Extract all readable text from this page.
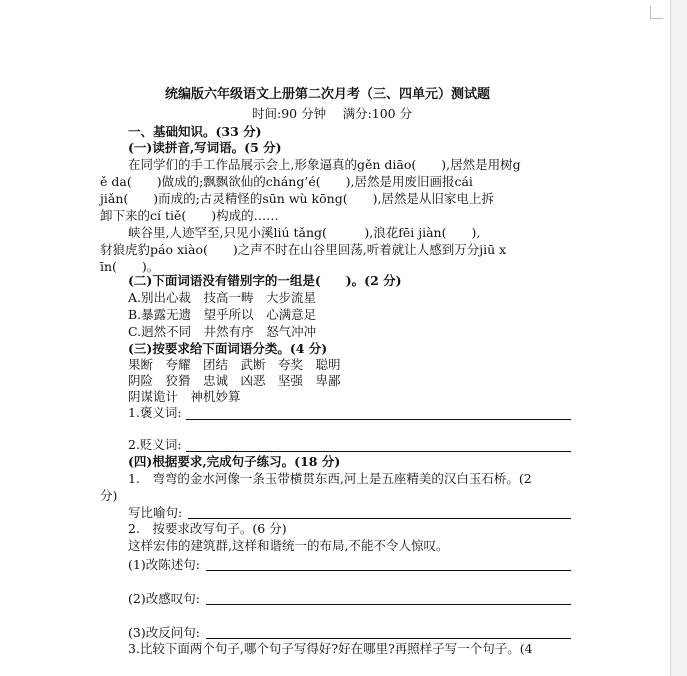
统编版六年级语文上册第二次月考（三、四单元）测试题
时间:90 分钟　 满分:100 分
一、基础知识。(33 分)
(一)读拼音,写词语。(5 分)
在同学们的手工作品展示会上,形象逼真的gěn diāo(　　),居然是用树g
ě da(　　)做成的;飘飘欲仙的cháng’é(　　),居然是用废旧画报cái
jiǎn(　　)而成的;古灵精怪的sūn wù kōng(　　),居然是从旧家电上拆
卸下来的cí tiě(　　)构成的……
峡谷里,人迹罕至,只见小溪liú tǎng(　　　),浪花fēi jiàn(　　),
豺狼虎豹páo xiào(　　)之声不时在山谷里回荡,听着就让人感到万分jiū x
īn(　　)。
(二)下面词语没有错别字的一组是(　　)。(2 分)
A.别出心裁　技高一畴　大步流星
B.暴露无遗　望乎所以　心满意足
C.迥然不同　井然有序　怒气冲冲
(三)按要求给下面词语分类。(4 分)
果断　夸耀　团结　武断　夸奖　聪明
阴险　狡猾　忠诚　凶恶　坚强　卑鄙
阴谋诡计　神机妙算
1.褒义词:
2.贬义词:
(四)根据要求,完成句子练习。(18 分)
1.　弯弯的金水河像一条玉带横贯东西,河上是五座精美的汉白玉石桥。(2
分)
写比喻句:
2.　按要求改写句子。(6 分)
这样宏伟的建筑群,这样和谐统一的布局,不能不令人惊叹。
(1)改陈述句:
(2)改感叹句:
(3)改反问句:
3.比较下面两个句子,哪个句子写得好?好在哪里?再照样子写一个句子。(4
